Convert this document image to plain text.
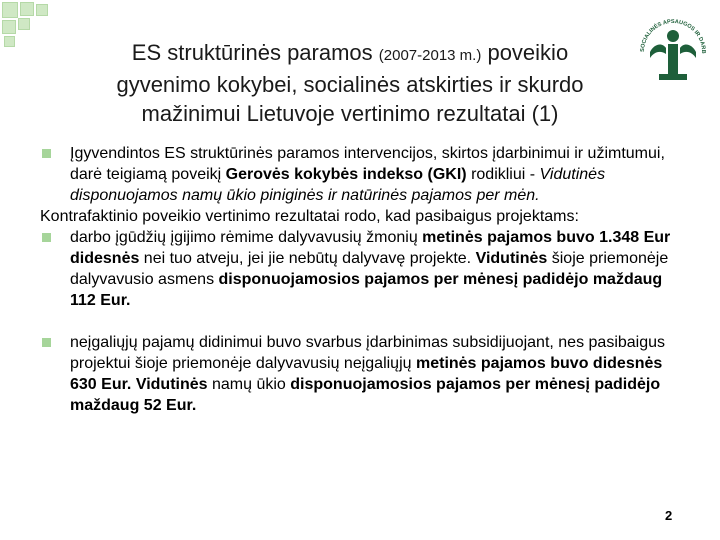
SOCIALINĖS APSAUGOS IR DARB
ES struktūrinės paramos (2007-2013 m.) poveikio
gyvenimo kokybei, socialinės atskirties ir skurdo
mažinimui Lietuvoje vertinimo rezultatai (1)
Įgyvendintos ES struktūrinės paramos intervencijos, skirtos įdarbinimui ir užimtumui, darė teigiamą poveikį Gerovės kokybės indekso (GKI) rodikliui - Vidutinės disponuojamos namų ūkio piniginės ir natūrinės pajamos per mėn.
Kontrafaktinio poveikio vertinimo rezultatai rodo, kad pasibaigus projektams:
darbo įgūdžių įgijimo rėmime dalyvavusių žmonių metinės pajamos buvo 1.348 Eur didesnės nei tuo atveju, jei jie nebūtų dalyvavę projekte. Vidutinės šioje priemonėje dalyvavusio asmens disponuojamosios pajamos per mėnesį padidėjo maždaug 112 Eur.
neįgaliųjų pajamų didinimui buvo svarbus įdarbinimas subsidijuojant, nes pasibaigus projektui šioje priemonėje dalyvavusių neįgaliųjų metinės pajamos buvo didesnės 630 Eur. Vidutinės namų ūkio disponuojamosios pajamos per mėnesį padidėjo maždaug 52 Eur.
2
